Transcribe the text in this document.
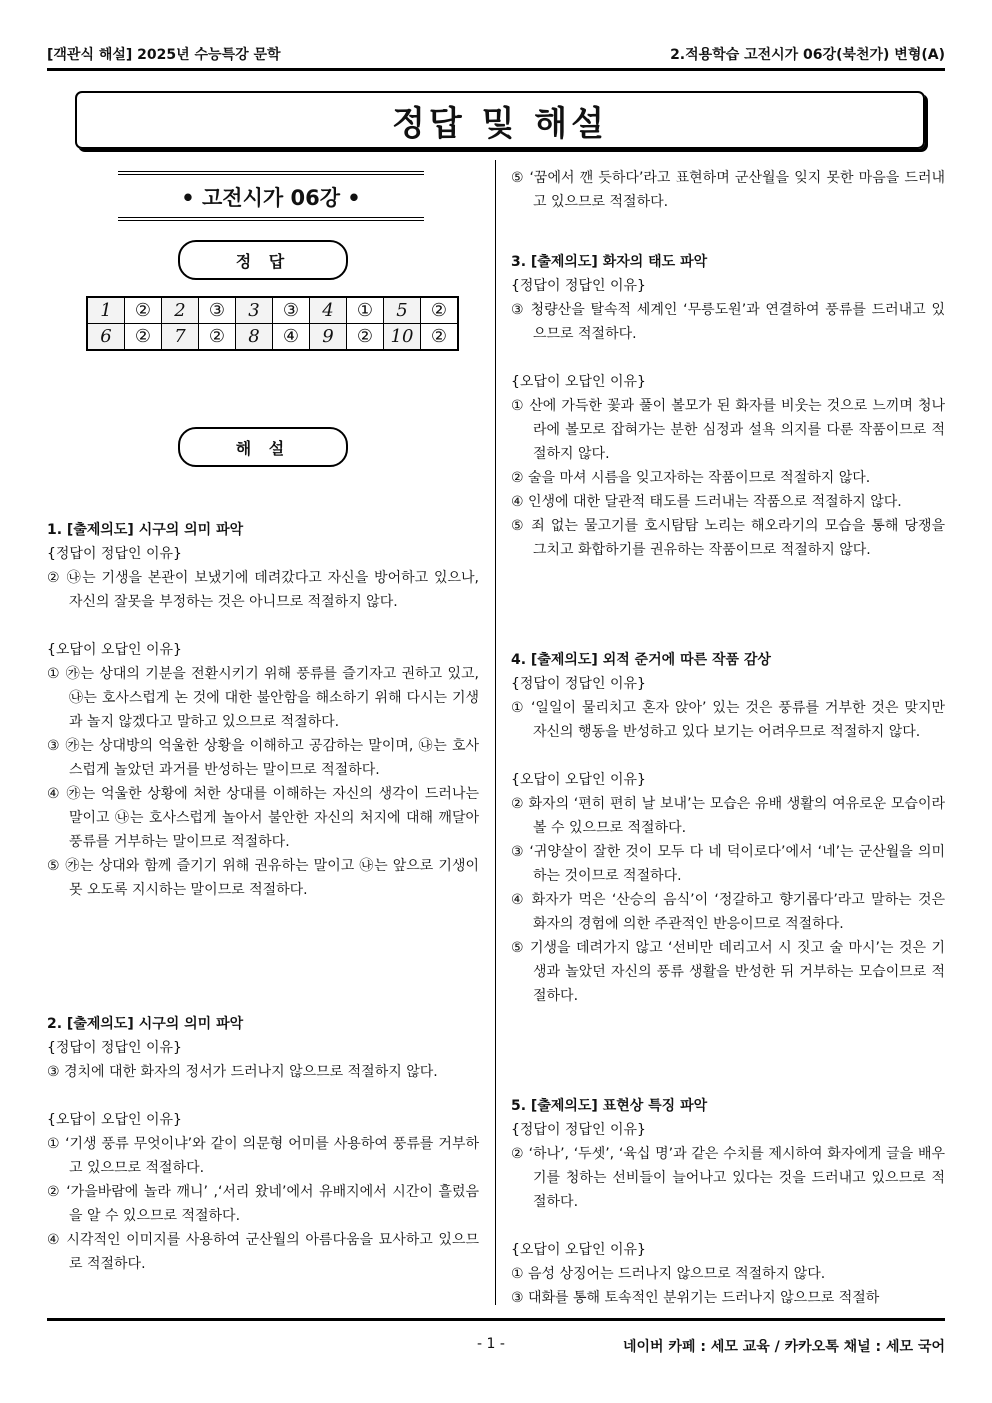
[객관식 해설] 2025년 수능특강 문학	2.적용학습 고전시가 06강(북천가) 변형(A)
정답 및 해설
• 고전시가 06강 •
정 답
1	②	2	③	3	③	4	①	5	②
6	②	7	②	8	④	9	②	10	②
해 설
1. [출제의도] 시구의 의미 파악
{정답이 정답인 이유}
② ㉯는 기생을 본관이 보냈기에 데려갔다고 자신을 방어하고 있으나, 자신의 잘못을 부정하는 것은 아니므로 적절하지 않다.
{오답이 오답인 이유}
① ㉮는 상대의 기분을 전환시키기 위해 풍류를 즐기자고 권하고 있고, ㉯는 호사스럽게 논 것에 대한 불안함을 해소하기 위해 다시는 기생과 놀지 않겠다고 말하고 있으므로 적절하다.
③ ㉮는 상대방의 억울한 상황을 이해하고 공감하는 말이며, ㉯는 호사스럽게 놀았던 과거를 반성하는 말이므로 적절하다.
④ ㉮는 억울한 상황에 처한 상대를 이해하는 자신의 생각이 드러나는 말이고 ㉯는 호사스럽게 놀아서 불안한 자신의 처지에 대해 깨달아 풍류를 거부하는 말이므로 적절하다.
⑤ ㉮는 상대와 함께 즐기기 위해 권유하는 말이고 ㉯는 앞으로 기생이 못 오도록 지시하는 말이므로 적절하다.
2. [출제의도] 시구의 의미 파악
{정답이 정답인 이유}
③ 경치에 대한 화자의 정서가 드러나지 않으므로 적절하지 않다.
{오답이 오답인 이유}
① ‘기생 풍류 무엇이냐’와 같이 의문형 어미를 사용하여 풍류를 거부하고 있으므로 적절하다.
② ‘가을바람에 놀라 깨니’ ,‘서리 왔네’에서 유배지에서 시간이 흘렀음을 알 수 있으므로 적절하다.
④ 시각적인 이미지를 사용하여 군산월의 아름다움을 묘사하고 있으므로 적절하다.
⑤ ‘꿈에서 깬 듯하다’라고 표현하며 군산월을 잊지 못한 마음을 드러내고 있으므로 적절하다.
3. [출제의도] 화자의 태도 파악
{정답이 정답인 이유}
③ 청량산을 탈속적 세계인 ‘무릉도원’과 연결하여 풍류를 드러내고 있으므로 적절하다.
{오답이 오답인 이유}
① 산에 가득한 꽃과 풀이 볼모가 된 화자를 비웃는 것으로 느끼며 청나라에 볼모로 잡혀가는 분한 심정과 설욕 의지를 다룬 작품이므로 적절하지 않다.
② 술을 마셔 시름을 잊고자하는 작품이므로 적절하지 않다.
④ 인생에 대한 달관적 태도를 드러내는 작품으로 적절하지 않다.
⑤ 죄 없는 물고기를 호시탐탐 노리는 해오라기의 모습을 통해 당쟁을 그치고 화합하기를 권유하는 작품이므로 적절하지 않다.
4. [출제의도] 외적 준거에 따른 작품 감상
{정답이 정답인 이유}
① ‘일일이 물리치고 혼자 앉아’ 있는 것은 풍류를 거부한 것은 맞지만 자신의 행동을 반성하고 있다 보기는 어려우므로 적절하지 않다.
{오답이 오답인 이유}
② 화자의 ‘편히 편히 날 보내’는 모습은 유배 생활의 여유로운 모습이라 볼 수 있으므로 적절하다.
③ ‘귀양살이 잘한 것이 모두 다 네 덕이로다’에서 ‘네’는 군산월을 의미하는 것이므로 적절하다.
④ 화자가 먹은 ‘산승의 음식’이 ‘정갈하고 향기롭다’라고 말하는 것은 화자의 경험에 의한 주관적인 반응이므로 적절하다.
⑤ 기생을 데려가지 않고 ‘선비만 데리고서 시 짓고 술 마시’는 것은 기생과 놀았던 자신의 풍류 생활을 반성한 뒤 거부하는 모습이므로 적절하다.
5. [출제의도] 표현상 특징 파악
{정답이 정답인 이유}
② ‘하나’, ‘두셋’, ‘육십 명’과 같은 수치를 제시하여 화자에게 글을 배우기를 청하는 선비들이 늘어나고 있다는 것을 드러내고 있으므로 적절하다.
{오답이 오답인 이유}
① 음성 상징어는 드러나지 않으므로 적절하지 않다.
③ 대화를 통해 토속적인 분위기는 드러나지 않으므로 적절하
- 1 -	네이버 카페 : 세모 교육 / 카카오톡 채널 : 세모 국어
